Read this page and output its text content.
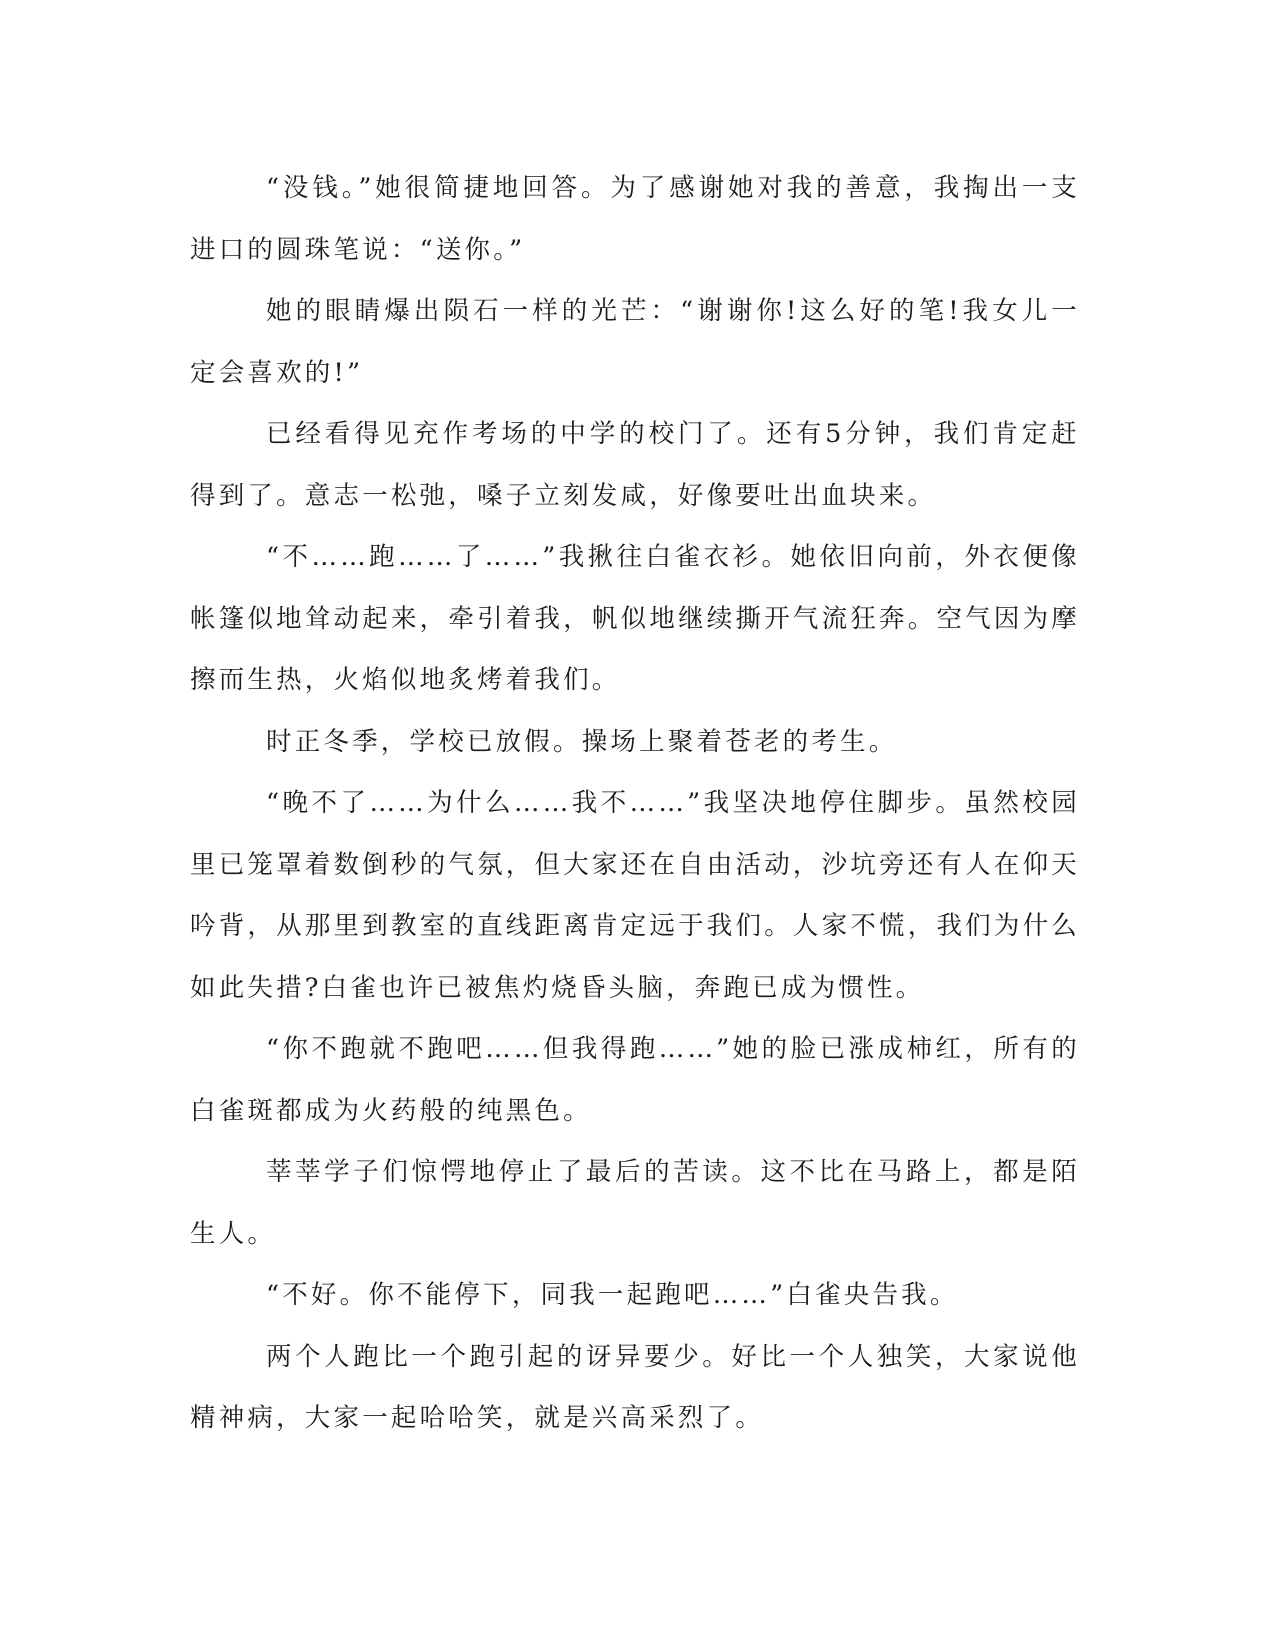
“没钱。”她很简捷地回答。为了感谢她对我的善意，我掏出一支进口的圆珠笔说：“送你。”

她的眼睛爆出陨石一样的光芒：“谢谢你!这么好的笔!我女儿一定会喜欢的!”

已经看得见充作考场的中学的校门了。还有5分钟，我们肯定赶得到了。意志一松弛，嗓子立刻发咸，好像要吐出血块来。

“不……跑……了……”我揪往白雀衣衫。她依旧向前，外衣便像帐篷似地耸动起来，牵引着我，帆似地继续撕开气流狂奔。空气因为摩擦而生热，火焰似地炙烤着我们。

时正冬季，学校已放假。操场上聚着苍老的考生。

“晚不了……为什么……我不……”我坚决地停住脚步。虽然校园里已笼罩着数倒秒的气氛，但大家还在自由活动，沙坑旁还有人在仰天吟背，从那里到教室的直线距离肯定远于我们。人家不慌，我们为什么如此失措?白雀也许已被焦灼烧昏头脑，奔跑已成为惯性。

“你不跑就不跑吧……但我得跑……”她的脸已涨成柿红，所有的白雀斑都成为火药般的纯黑色。

莘莘学子们惊愕地停止了最后的苦读。这不比在马路上，都是陌生人。

“不好。你不能停下，同我一起跑吧……”白雀央告我。

两个人跑比一个跑引起的讶异要少。好比一个人独笑，大家说他精神病，大家一起哈哈笑，就是兴高采烈了。
